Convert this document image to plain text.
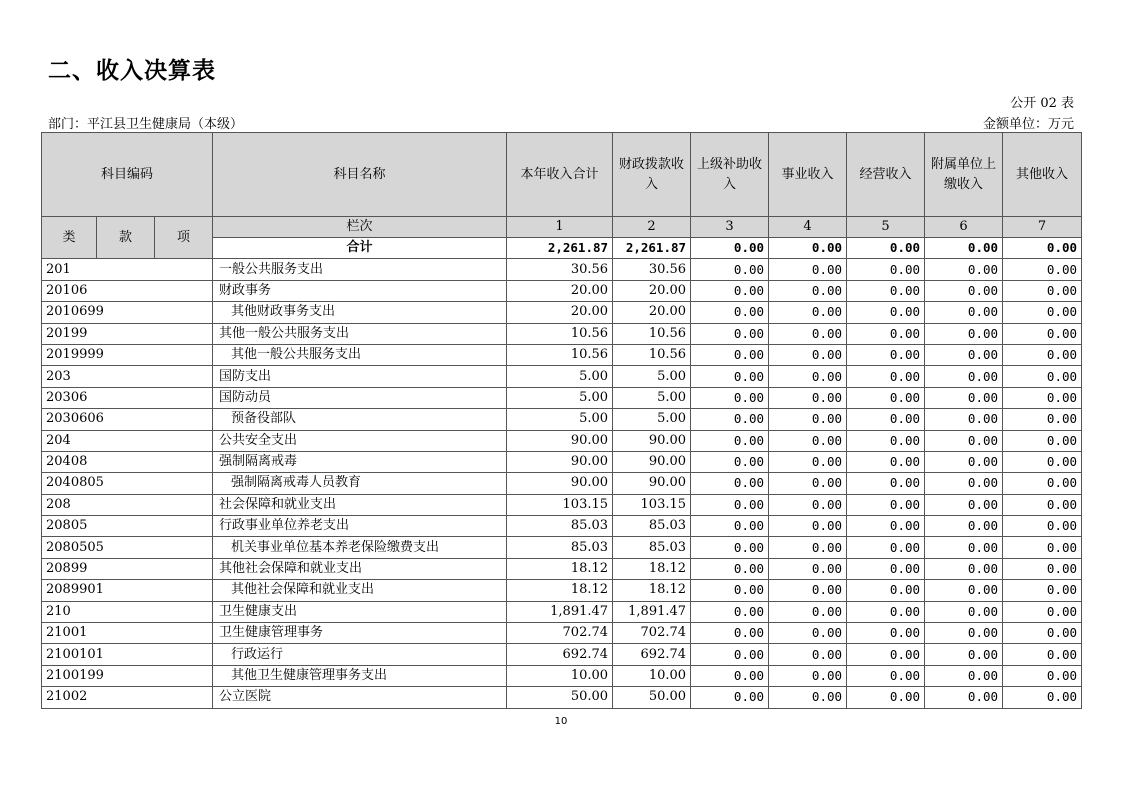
二、收入决算表
公开 02 表
部门：平江县卫生健康局（本级）	金额单位：万元
科目编码			科目名称	本年收入合计	财政拨款收入	上级补助收入	事业收入	经营收入	附属单位上缴收入	其他收入
类	款	项	栏次	1	2	3	4	5	6	7
			合计	2,261.87	2,261.87	0.00	0.00	0.00	0.00	0.00
201			一般公共服务支出	30.56	30.56	0.00	0.00	0.00	0.00	0.00
20106			财政事务	20.00	20.00	0.00	0.00	0.00	0.00	0.00
2010699			其他财政事务支出	20.00	20.00	0.00	0.00	0.00	0.00	0.00
20199			其他一般公共服务支出	10.56	10.56	0.00	0.00	0.00	0.00	0.00
2019999			其他一般公共服务支出	10.56	10.56	0.00	0.00	0.00	0.00	0.00
203			国防支出	5.00	5.00	0.00	0.00	0.00	0.00	0.00
20306			国防动员	5.00	5.00	0.00	0.00	0.00	0.00	0.00
2030606			预备役部队	5.00	5.00	0.00	0.00	0.00	0.00	0.00
204			公共安全支出	90.00	90.00	0.00	0.00	0.00	0.00	0.00
20408			强制隔离戒毒	90.00	90.00	0.00	0.00	0.00	0.00	0.00
2040805			强制隔离戒毒人员教育	90.00	90.00	0.00	0.00	0.00	0.00	0.00
208			社会保障和就业支出	103.15	103.15	0.00	0.00	0.00	0.00	0.00
20805			行政事业单位养老支出	85.03	85.03	0.00	0.00	0.00	0.00	0.00
2080505			机关事业单位基本养老保险缴费支出	85.03	85.03	0.00	0.00	0.00	0.00	0.00
20899			其他社会保障和就业支出	18.12	18.12	0.00	0.00	0.00	0.00	0.00
2089901			其他社会保障和就业支出	18.12	18.12	0.00	0.00	0.00	0.00	0.00
210			卫生健康支出	1,891.47	1,891.47	0.00	0.00	0.00	0.00	0.00
21001			卫生健康管理事务	702.74	702.74	0.00	0.00	0.00	0.00	0.00
2100101			行政运行	692.74	692.74	0.00	0.00	0.00	0.00	0.00
2100199			其他卫生健康管理事务支出	10.00	10.00	0.00	0.00	0.00	0.00	0.00
21002			公立医院	50.00	50.00	0.00	0.00	0.00	0.00	0.00
10
